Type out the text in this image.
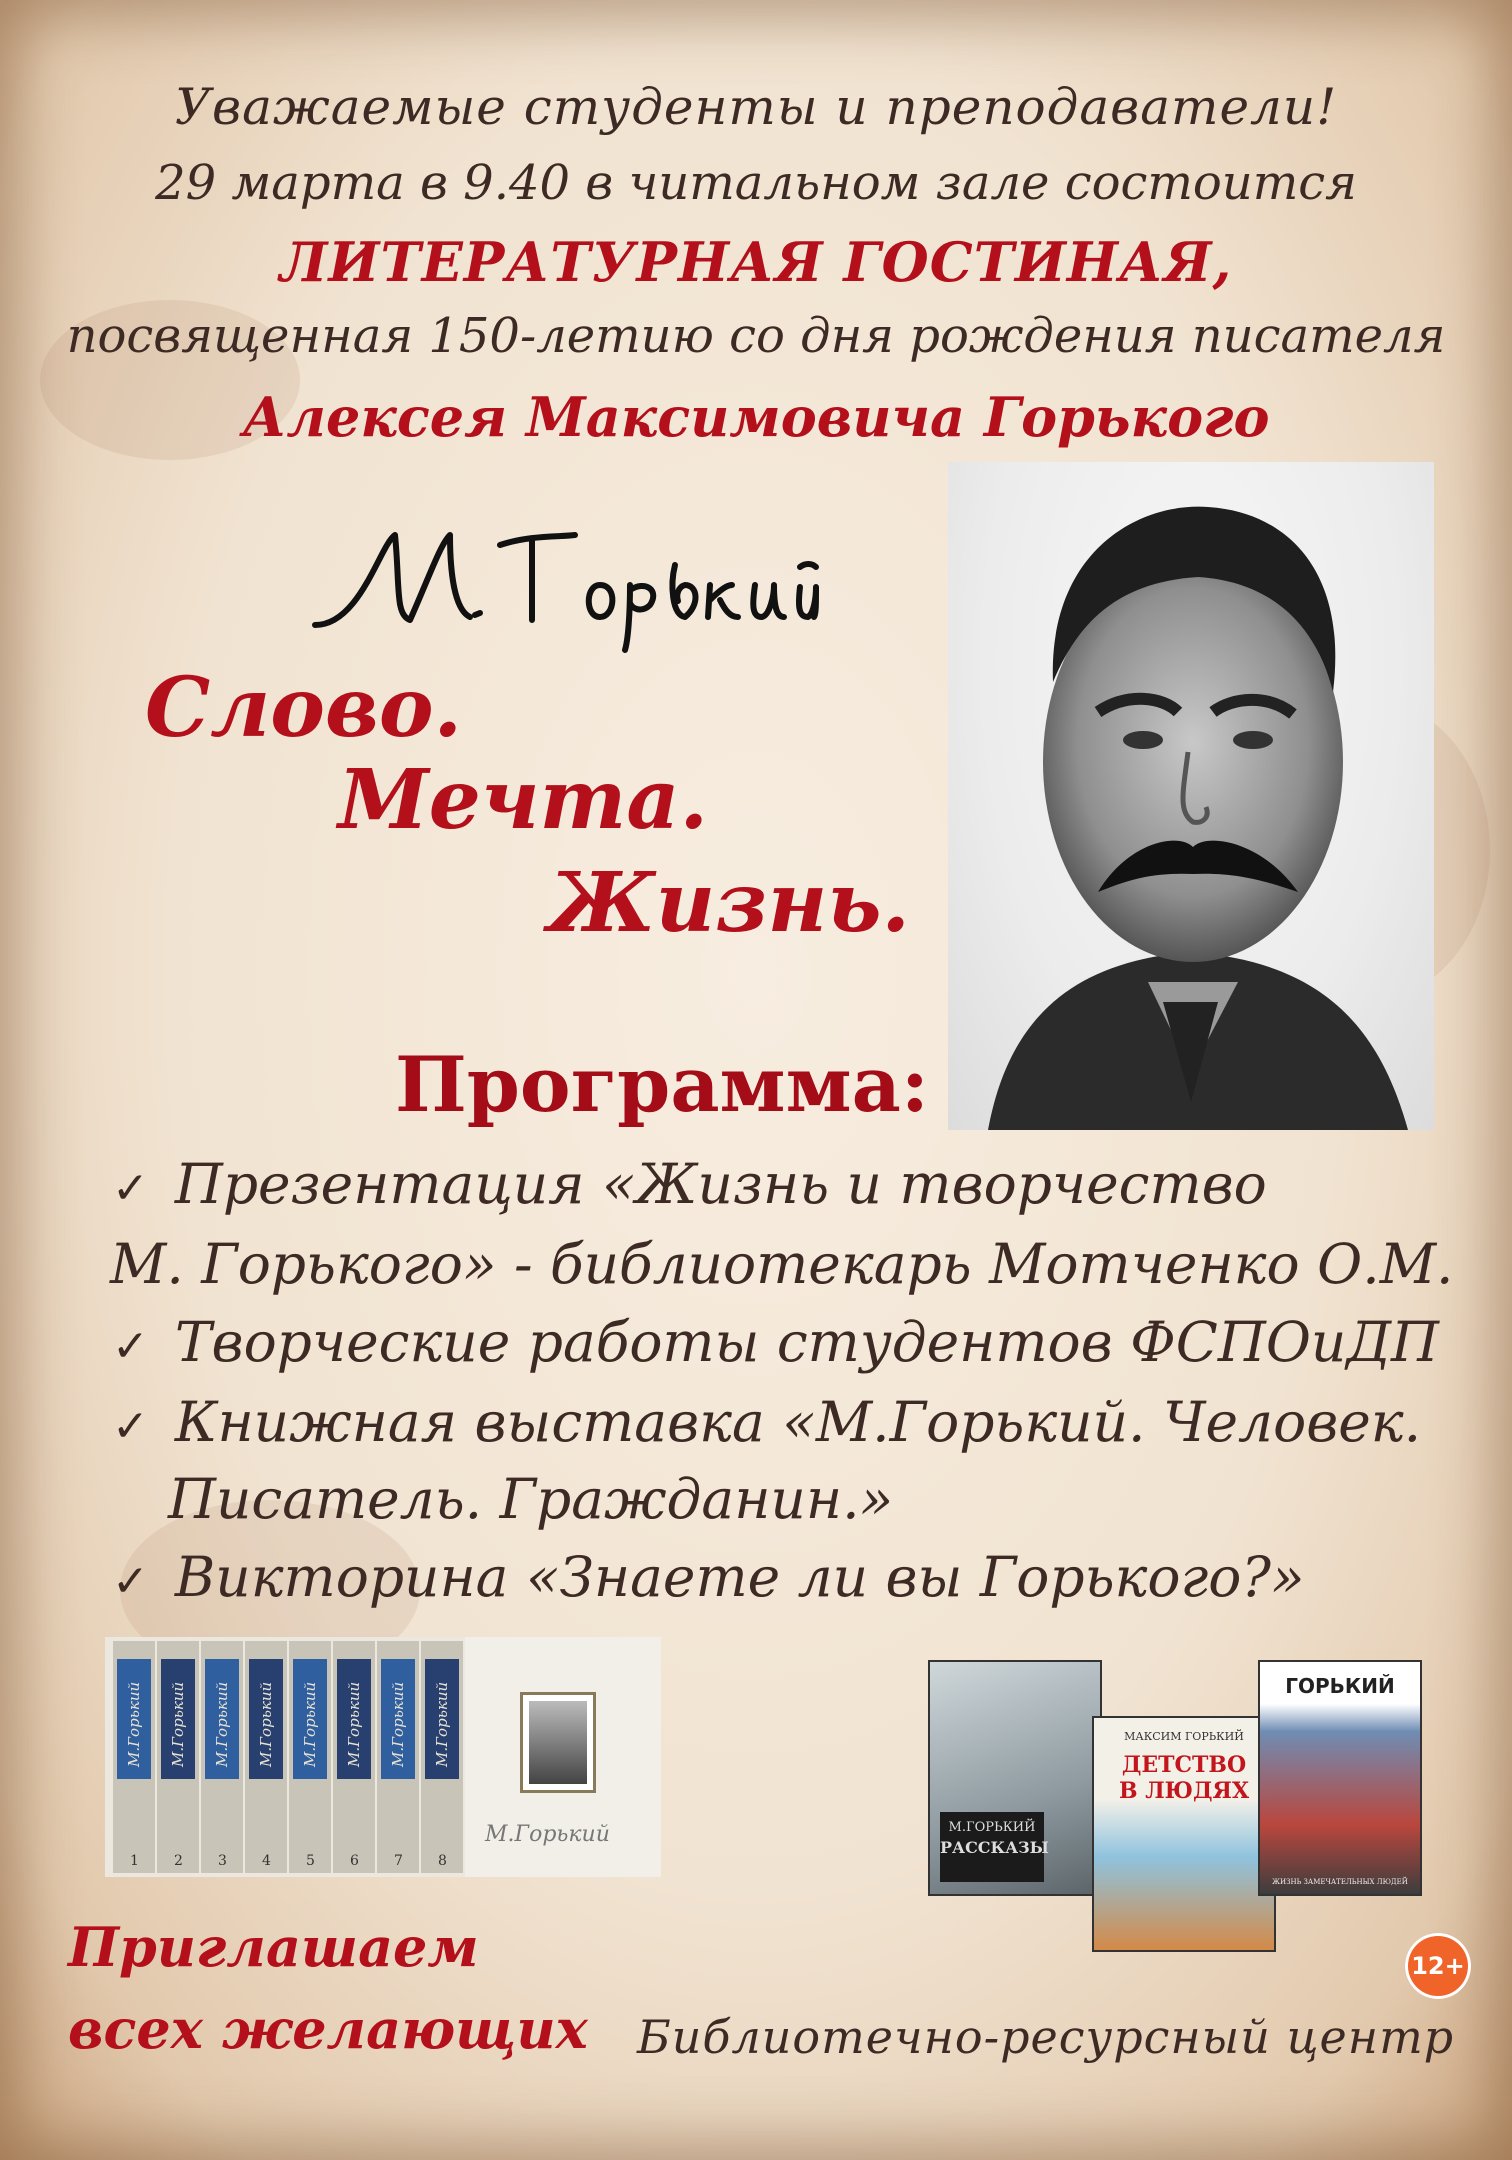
Уважаемые студенты и преподаватели!
29 марта в 9.40 в читальном зале состоится
ЛИТЕРАТУРНАЯ ГОСТИНАЯ,
посвященная 150-летию со дня рождения писателя
Алексея Максимовича Горького
Слово.
Мечта.
Жизнь.
Программа:
✓ Презентация «Жизнь и творчество
М. Горького» - библиотекарь Мотченко О.М.
✓ Творческие работы студентов ФСПОиДП
✓ Книжная выставка «М.Горький. Человек.
Писатель. Гражданин.»
✓ Викторина «Знаете ли вы Горького?»
М.Горький
1
М.Горький
2
М.Горький
3
М.Горький
4
М.Горький
5
М.Горький
6
М.Горький
7
М.Горький
8
М.Горький	М.ГОРЬКИЙ
РАССКАЗЫ
МАКСИМ ГОРЬКИЙ
ДЕТСТВО В ЛЮДЯХ
ГОРЬКИЙ
ЖИЗНЬ ЗАМЕЧАТЕЛЬНЫХ ЛЮДЕЙ
Приглашаем
всех желающих Библиотечно-ресурсный центр
12+
